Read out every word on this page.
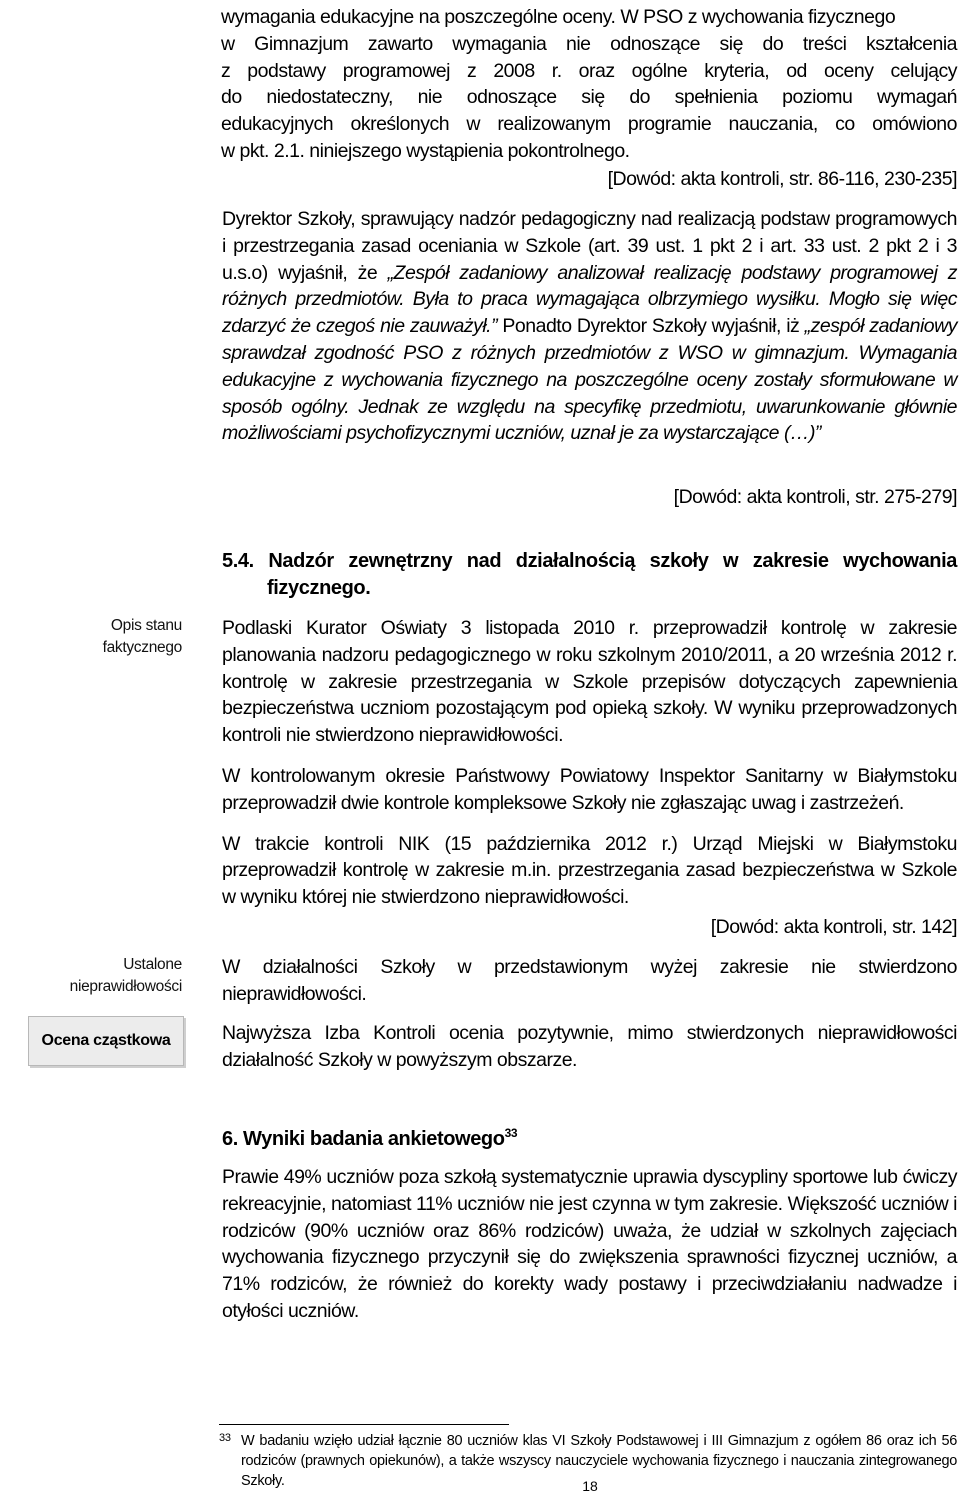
wymagania edukacyjne na poszczególne oceny. W PSO z wychowania fizycznego

w Gimnazjum zawarto wymagania nie odnoszące się do treści kształcenia

z podstawy programowej z 2008 r. oraz ogólne kryteria, od oceny celujący

do niedostateczny, nie odnoszące się do spełnienia poziomu wymagań

edukacyjnych określonych w realizowanym programie nauczania, co omówiono

w pkt. 2.1. niniejszego wystąpienia pokontrolnego.

[Dowód: akta kontroli, str. 86-116, 230-235]

Dyrektor Szkoły, sprawujący nadzór pedagogiczny nad realizacją podstaw programowych i przestrzegania zasad oceniania w Szkole (art. 39 ust. 1 pkt 2 i art. 33 ust. 2 pkt 2 i 3 u.s.o) wyjaśnił, że „Zespół zadaniowy analizował realizację podstawy programowej z różnych przedmiotów. Była to praca wymagająca olbrzymiego wysiłku. Mogło się więc zdarzyć że czegoś nie zauważył.” Ponadto Dyrektor Szkoły wyjaśnił, iż „zespół zadaniowy sprawdzał zgodność PSO z różnych przedmiotów z WSO w gimnazjum. Wymagania edukacyjne z wychowania fizycznego na poszczególne oceny zostały sformułowane w sposób ogólny. Jednak ze względu na specyfikę przedmiotu, uwarunkowanie głównie możliwościami psychofizycznymi uczniów, uznał je za wystarczające (…)”

[Dowód: akta kontroli, str. 275-279]

5.4. Nadzór zewnętrzny nad działalnością szkoły w zakresie wychowania fizycznego.

Podlaski Kurator Oświaty 3 listopada 2010 r. przeprowadził kontrolę w zakresie planowania nadzoru pedagogicznego w roku szkolnym 2010/2011, a 20 września 2012 r. kontrolę w zakresie przestrzegania w Szkole przepisów dotyczących zapewnienia bezpieczeństwa uczniom pozostającym pod opieką szkoły. W wyniku przeprowadzonych kontroli nie stwierdzono nieprawidłowości.

W kontrolowanym okresie Państwowy Powiatowy Inspektor Sanitarny w Białymstoku przeprowadził dwie kontrole kompleksowe Szkoły nie zgłaszając uwag i zastrzeżeń.

W trakcie kontroli NIK (15 października 2012 r.) Urząd Miejski w Białymstoku przeprowadził kontrolę w zakresie m.in. przestrzegania zasad bezpieczeństwa w Szkole w wyniku której nie stwierdzono nieprawidłowości.

[Dowód: akta kontroli, str. 142]

W działalności Szkoły w przedstawionym wyżej zakresie nie stwierdzono nieprawidłowości.

Najwyższa Izba Kontroli ocenia pozytywnie, mimo stwierdzonych nieprawidłowości działalność Szkoły w powyższym obszarze.

Opis stanu
faktycznego
Ustalone
nieprawidłowości
Ocena cząstkowa

6. Wyniki badania ankietowego$^{33}$

Prawie 49% uczniów poza szkołą systematycznie uprawia dyscypliny sportowe lub ćwiczy rekreacyjnie, natomiast 11% uczniów nie jest czynna w tym zakresie. Większość uczniów i rodziców (90% uczniów oraz 86% rodziców) uważa, że udział w szkolnych zajęciach wychowania fizycznego przyczynił się do zwiększenia sprawności fizycznej uczniów, a 71% rodziców, że również do korekty wady postawy i przeciwdziałaniu nadwadze i otyłości uczniów.

33 W badaniu wzięło udział łącznie 80 uczniów klas VI Szkoły Podstawowej i III Gimnazjum z ogółem 86 oraz ich 56 rodziców (prawnych opiekunów), a także wszyscy nauczyciele wychowania fizycznego i nauczania zintegrowanego Szkoły.	18
